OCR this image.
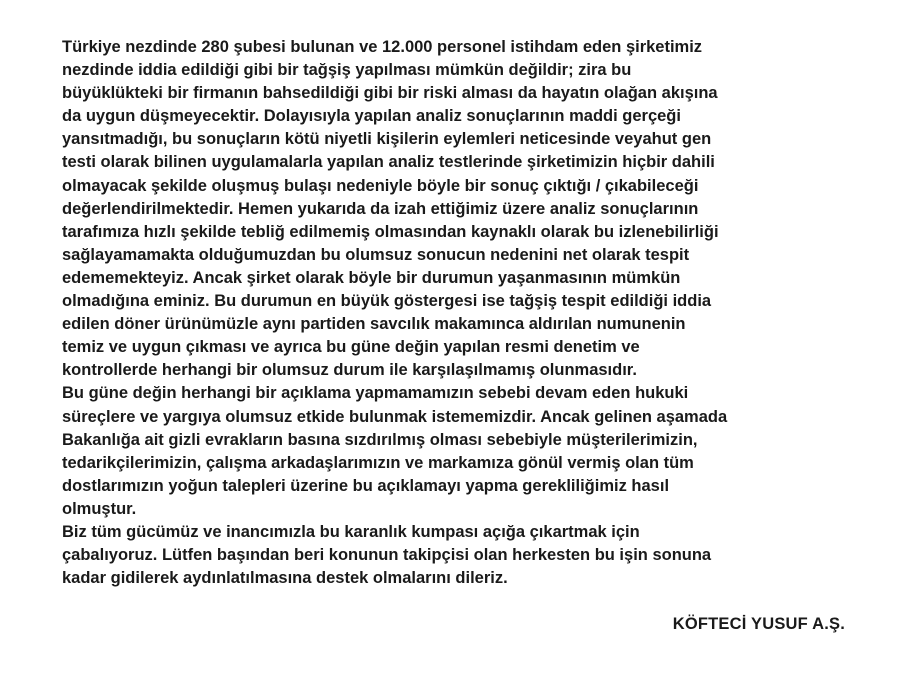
Türkiye nezdinde 280 şubesi bulunan ve 12.000 personel istihdam eden şirketimiz
nezdinde iddia edildiği gibi bir tağşiş yapılması mümkün değildir; zira bu
büyüklükteki bir firmanın bahsedildiği gibi bir riski alması da hayatın olağan akışına
da uygun düşmeyecektir. Dolayısıyla yapılan analiz sonuçlarının maddi gerçeği
yansıtmadığı, bu sonuçların kötü niyetli kişilerin eylemleri neticesinde veyahut gen
testi olarak bilinen uygulamalarla yapılan analiz testlerinde şirketimizin hiçbir dahili
olmayacak şekilde oluşmuş bulaşı nedeniyle böyle bir sonuç çıktığı / çıkabileceği
değerlendirilmektedir. Hemen yukarıda da izah ettiğimiz üzere analiz sonuçlarının
tarafımıza hızlı şekilde tebliğ edilmemiş olmasından kaynaklı olarak bu izlenebilirliği
sağlayamamakta olduğumuzdan bu olumsuz sonucun nedenini net olarak tespit
edememekteyiz. Ancak şirket olarak böyle bir durumun yaşanmasının mümkün
olmadığına eminiz. Bu durumun en büyük göstergesi ise tağşiş tespit edildiği iddia
edilen döner ürünümüzle aynı partiden savcılık makamınca aldırılan numunenin
temiz ve uygun çıkması ve ayrıca bu güne değin yapılan resmi denetim ve
kontrollerde herhangi bir olumsuz durum ile karşılaşılmamış olunmasıdır.
Bu güne değin herhangi bir açıklama yapmamamızın sebebi devam eden hukuki
süreçlere ve yargıya olumsuz etkide bulunmak istememizdir. Ancak gelinen aşamada
Bakanlığa ait gizli evrakların basına sızdırılmış olması sebebiyle müşterilerimizin,
tedarikçilerimizin, çalışma arkadaşlarımızın ve markamıza gönül vermiş olan tüm
dostlarımızın yoğun talepleri üzerine bu açıklamayı yapma gerekliliğimiz hasıl
olmuştur.
Biz tüm gücümüz ve inancımızla bu karanlık kumpası açığa çıkartmak için
çabalıyoruz. Lütfen başından beri konunun takipçisi olan herkesten bu işin sonuna
kadar gidilerek aydınlatılmasına destek olmalarını dileriz.
KÖFTECİ YUSUF A.Ş.
